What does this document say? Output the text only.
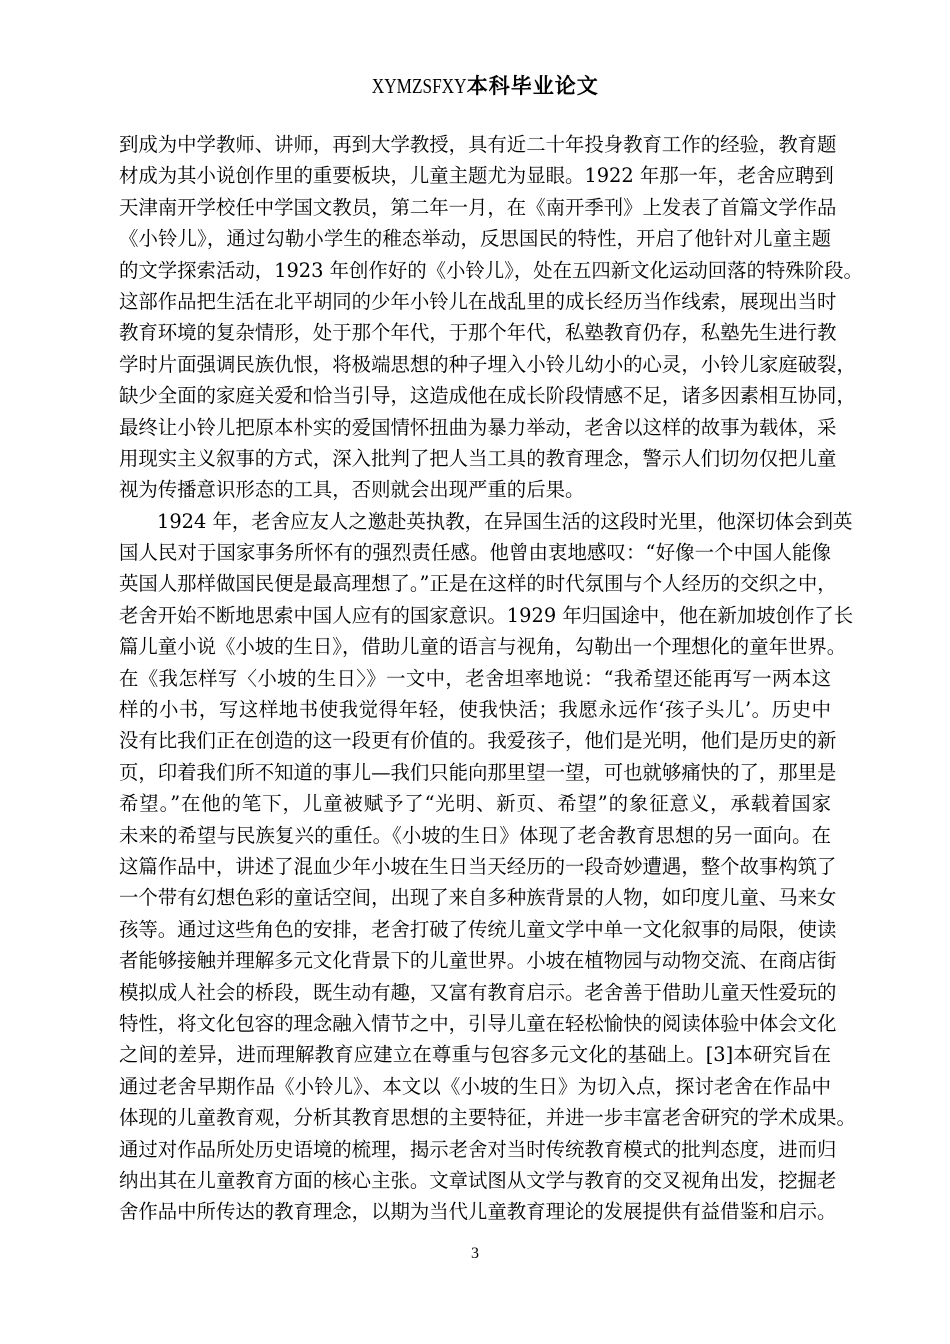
XYMZSFXY本科毕业论文
到成为中学教师、讲师，再到大学教授，具有近二十年投身教育工作的经验，教育题
材成为其小说创作里的重要板块，儿童主题尤为显眼。1922 年那一年，老舍应聘到
天津南开学校任中学国文教员，第二年一月，在《南开季刊》上发表了首篇文学作品
《小铃儿》，通过勾勒小学生的稚态举动，反思国民的特性，开启了他针对儿童主题
的文学探索活动，1923 年创作好的《小铃儿》，处在五四新文化运动回落的特殊阶段。
这部作品把生活在北平胡同的少年小铃儿在战乱里的成长经历当作线索，展现出当时
教育环境的复杂情形，处于那个年代，于那个年代，私塾教育仍存，私塾先生进行教
学时片面强调民族仇恨，将极端思想的种子埋入小铃儿幼小的心灵，小铃儿家庭破裂，
缺少全面的家庭关爱和恰当引导，这造成他在成长阶段情感不足，诸多因素相互协同，
最终让小铃儿把原本朴实的爱国情怀扭曲为暴力举动，老舍以这样的故事为载体，采
用现实主义叙事的方式，深入批判了把人当工具的教育理念，警示人们切勿仅把儿童
视为传播意识形态的工具，否则就会出现严重的后果。
1924 年，老舍应友人之邀赴英执教，在异国生活的这段时光里，他深切体会到英
国人民对于国家事务所怀有的强烈责任感。他曾由衷地感叹：“好像一个中国人能像
英国人那样做国民便是最高理想了。”正是在这样的时代氛围与个人经历的交织之中，
老舍开始不断地思索中国人应有的国家意识。1929 年归国途中，他在新加坡创作了长
篇儿童小说《小坡的生日》，借助儿童的语言与视角，勾勒出一个理想化的童年世界。
在《我怎样写〈小坡的生日〉》一文中，老舍坦率地说：“我希望还能再写一两本这
样的小书，写这样地书使我觉得年轻，使我快活；我愿永远作‘孩子头儿’。历史中
没有比我们正在创造的这一段更有价值的。我爱孩子，他们是光明，他们是历史的新
页，印着我们所不知道的事儿—我们只能向那里望一望，可也就够痛快的了，那里是
希望。”在他的笔下，儿童被赋予了“光明、新页、希望”的象征意义，承载着国家
未来的希望与民族复兴的重任。《小坡的生日》体现了老舍教育思想的另一面向。在
这篇作品中，讲述了混血少年小坡在生日当天经历的一段奇妙遭遇，整个故事构筑了
一个带有幻想色彩的童话空间，出现了来自多种族背景的人物，如印度儿童、马来女
孩等。通过这些角色的安排，老舍打破了传统儿童文学中单一文化叙事的局限，使读
者能够接触并理解多元文化背景下的儿童世界。小坡在植物园与动物交流、在商店街
模拟成人社会的桥段，既生动有趣，又富有教育启示。老舍善于借助儿童天性爱玩的
特性，将文化包容的理念融入情节之中，引导儿童在轻松愉快的阅读体验中体会文化
之间的差异，进而理解教育应建立在尊重与包容多元文化的基础上。[3]本研究旨在
通过老舍早期作品《小铃儿》、本文以《小坡的生日》为切入点，探讨老舍在作品中
体现的儿童教育观，分析其教育思想的主要特征，并进一步丰富老舍研究的学术成果。
通过对作品所处历史语境的梳理，揭示老舍对当时传统教育模式的批判态度，进而归
纳出其在儿童教育方面的核心主张。文章试图从文学与教育的交叉视角出发，挖掘老
舍作品中所传达的教育理念，以期为当代儿童教育理论的发展提供有益借鉴和启示。
3
